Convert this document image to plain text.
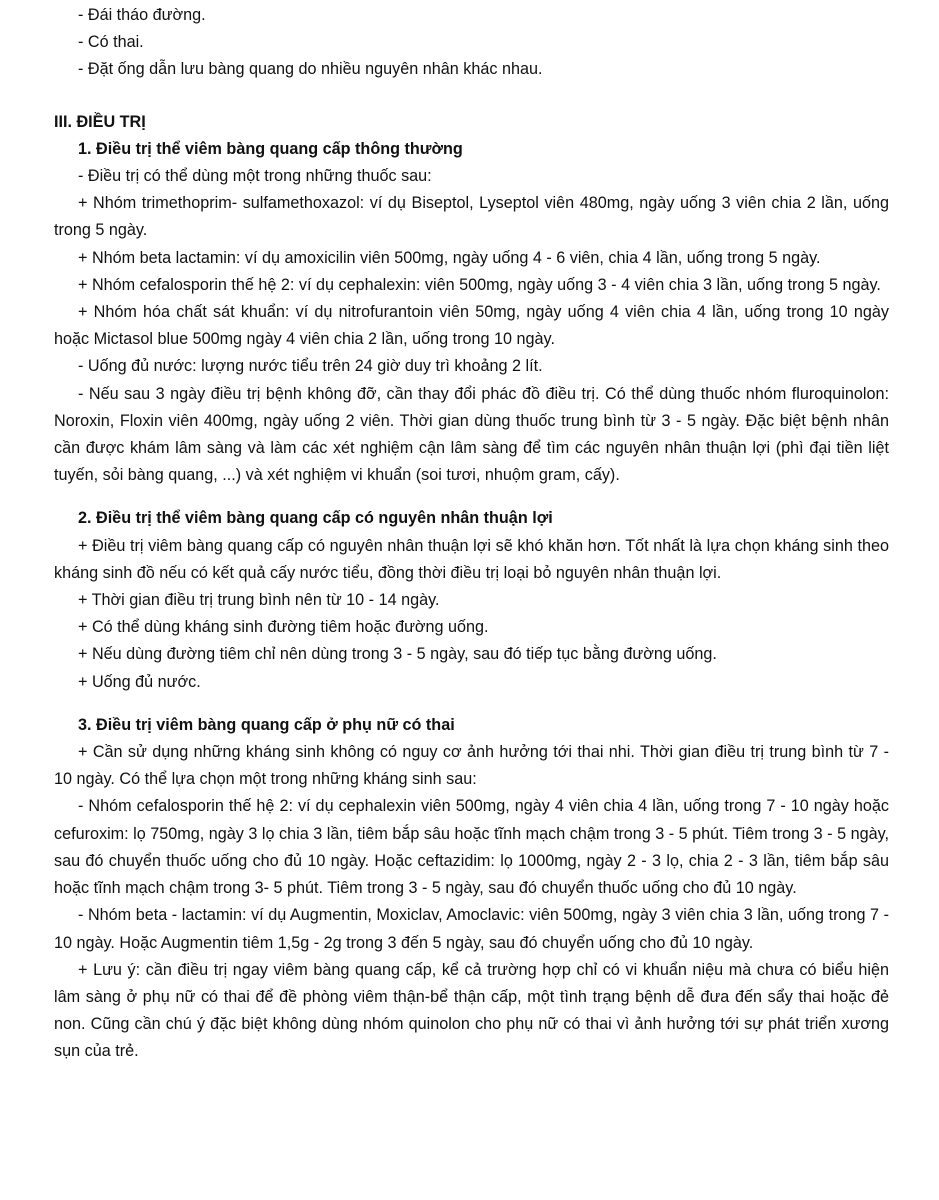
- Đái tháo đường.

- Có thai.

- Đặt ống dẫn lưu bàng quang do nhiều nguyên nhân khác nhau.

III. ĐIỀU TRỊ

1. Điều trị thể viêm bàng quang cấp thông thường

- Điều trị có thể dùng một trong những thuốc sau:

+ Nhóm trimethoprim- sulfamethoxazol: ví dụ Biseptol, Lyseptol viên 480mg, ngày uống 3 viên chia 2 lần, uống trong 5 ngày.

+ Nhóm beta lactamin: ví dụ amoxicilin viên 500mg, ngày uống 4 - 6 viên, chia 4 lần, uống trong 5 ngày.

+ Nhóm cefalosporin thế hệ 2: ví dụ cephalexin: viên 500mg, ngày uống 3 - 4 viên chia 3 lần, uống trong 5 ngày.

+ Nhóm hóa chất sát khuẩn: ví dụ nitrofurantoin viên 50mg, ngày uống 4 viên chia 4 lần, uống trong 10 ngày hoặc Mictasol blue 500mg ngày 4 viên chia 2 lần, uống trong 10 ngày.

- Uống đủ nước: lượng nước tiểu trên 24 giờ duy trì khoảng 2 lít.

- Nếu sau 3 ngày điều trị bệnh không đỡ, cần thay đổi phác đồ điều trị. Có thể dùng thuốc nhóm fluroquinolon: Noroxin, Floxin viên 400mg, ngày uống 2 viên. Thời gian dùng thuốc trung bình từ 3 - 5 ngày. Đặc biệt bệnh nhân cần được khám lâm sàng và làm các xét nghiệm cận lâm sàng để tìm các nguyên nhân thuận lợi (phì đại tiền liệt tuyến, sỏi bàng quang, ...) và xét nghiệm vi khuẩn (soi tươi, nhuộm gram, cấy).

2. Điều trị thể viêm bàng quang cấp có nguyên nhân thuận lợi

+ Điều trị viêm bàng quang cấp có nguyên nhân thuận lợi sẽ khó khăn hơn. Tốt nhất là lựa chọn kháng sinh theo kháng sinh đồ nếu có kết quả cấy nước tiểu, đồng thời điều trị loại bỏ nguyên nhân thuận lợi.

+ Thời gian điều trị trung bình nên từ 10 - 14 ngày.

+ Có thể dùng kháng sinh đường tiêm hoặc đường uống.

+ Nếu dùng đường tiêm chỉ nên dùng trong 3 - 5 ngày, sau đó tiếp tục bằng đường uống.

+ Uống đủ nước.

3. Điều trị viêm bàng quang cấp ở phụ nữ có thai

+ Cần sử dụng những kháng sinh không có nguy cơ ảnh hưởng tới thai nhi. Thời gian điều trị trung bình từ 7 - 10 ngày. Có thể lựa chọn một trong những kháng sinh sau:

- Nhóm cefalosporin thế hệ 2: ví dụ cephalexin viên 500mg, ngày 4 viên chia 4 lần, uống trong 7 - 10 ngày hoặc cefuroxim: lọ 750mg, ngày 3 lọ chia 3 lần, tiêm bắp sâu hoặc tĩnh mạch chậm trong 3 - 5 phút. Tiêm trong 3 - 5 ngày, sau đó chuyển thuốc uống cho đủ 10 ngày. Hoặc ceftazidim: lọ 1000mg, ngày 2 - 3 lọ, chia 2 - 3 lần, tiêm bắp sâu hoặc tĩnh mạch chậm trong 3- 5 phút. Tiêm trong 3 - 5 ngày, sau đó chuyển thuốc uống cho đủ 10 ngày.

- Nhóm beta - lactamin: ví dụ Augmentin, Moxiclav, Amoclavic: viên 500mg, ngày 3 viên chia 3 lần, uống trong 7 - 10 ngày. Hoặc Augmentin tiêm 1,5g - 2g trong 3 đến 5 ngày, sau đó chuyển uống cho đủ 10 ngày.

+ Lưu ý: cần điều trị ngay viêm bàng quang cấp, kể cả trường hợp chỉ có vi khuẩn niệu mà chưa có biểu hiện lâm sàng ở phụ nữ có thai để đề phòng viêm thận-bể thận cấp, một tình trạng bệnh dễ đưa đến sẩy thai hoặc đẻ non. Cũng cần chú ý đặc biệt không dùng nhóm quinolon cho phụ nữ có thai vì ảnh hưởng tới sự phát triển xương sụn của trẻ.
